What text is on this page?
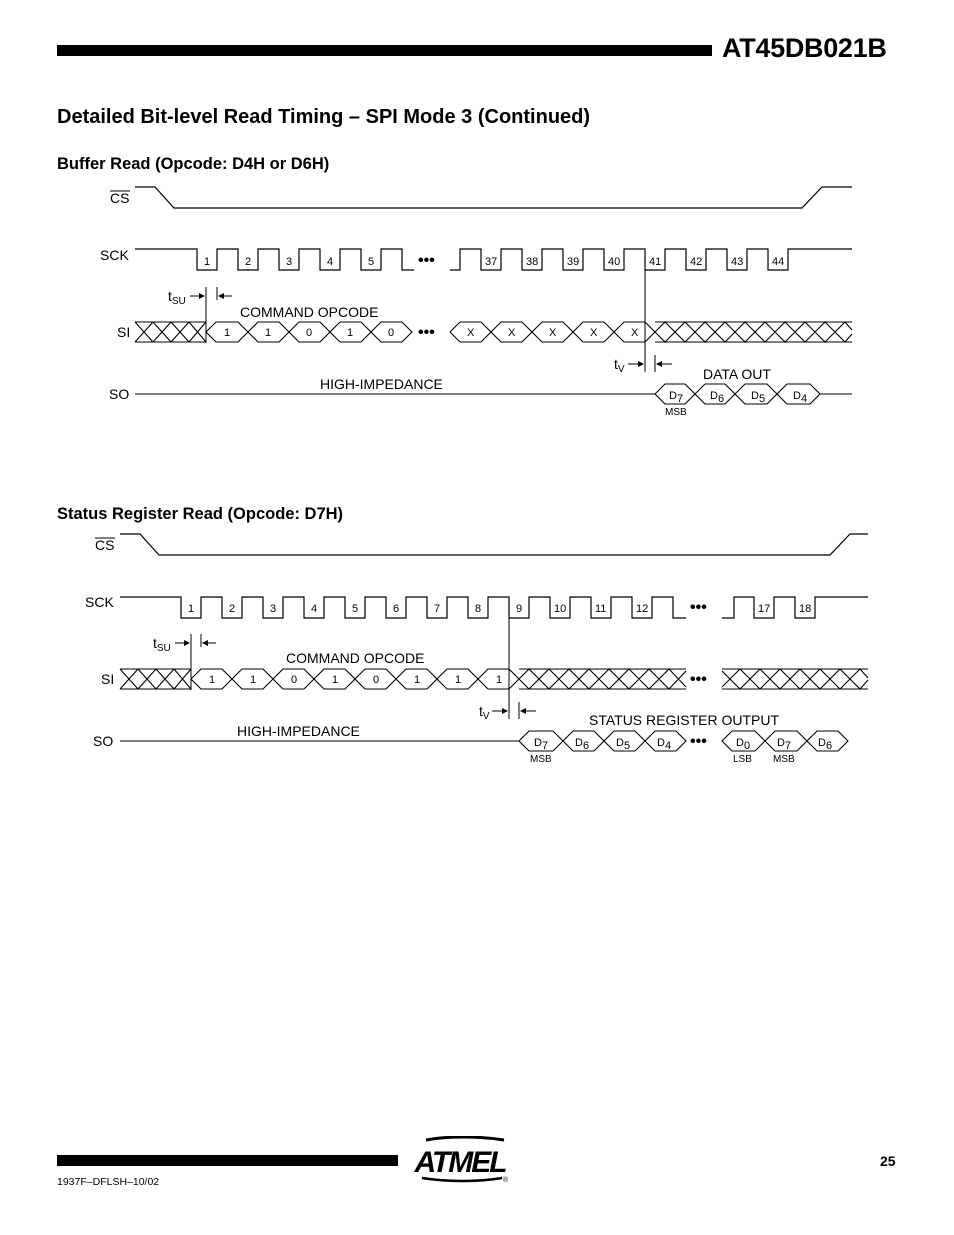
AT45DB021B
Detailed Bit-level Read Timing – SPI Mode 3 (Continued)
Buffer Read (Opcode: D4H or D6H)
CS
SCK
SI
SO
•••
1	2	3	4	5	37	38	39	40	41	42	43	44
$t_{SU}$
COMMAND OPCODE
1	1	0	1	0 •••	X	X	X	X	X
$t_V$
HIGH-IMPEDANCE
DATA OUT
D7 D6 D5	D4
MSB
Status Register Read (Opcode: D7H)
CS
SCK
SI
SO
•••
1	2	3	4	5	6	7	8	9	10	11	12	17	18
$t_{SU}$
COMMAND OPCODE
1	1	0	1	0	1	1	1	•••
$t_V$
HIGH-IMPEDANCE
STATUS REGISTER OUTPUT
•••
D7 D6 D5 D4	D0 D7 D6
MSB	LSB MSB
1937F–DFLSH–10/02
25
ATMEL
®
